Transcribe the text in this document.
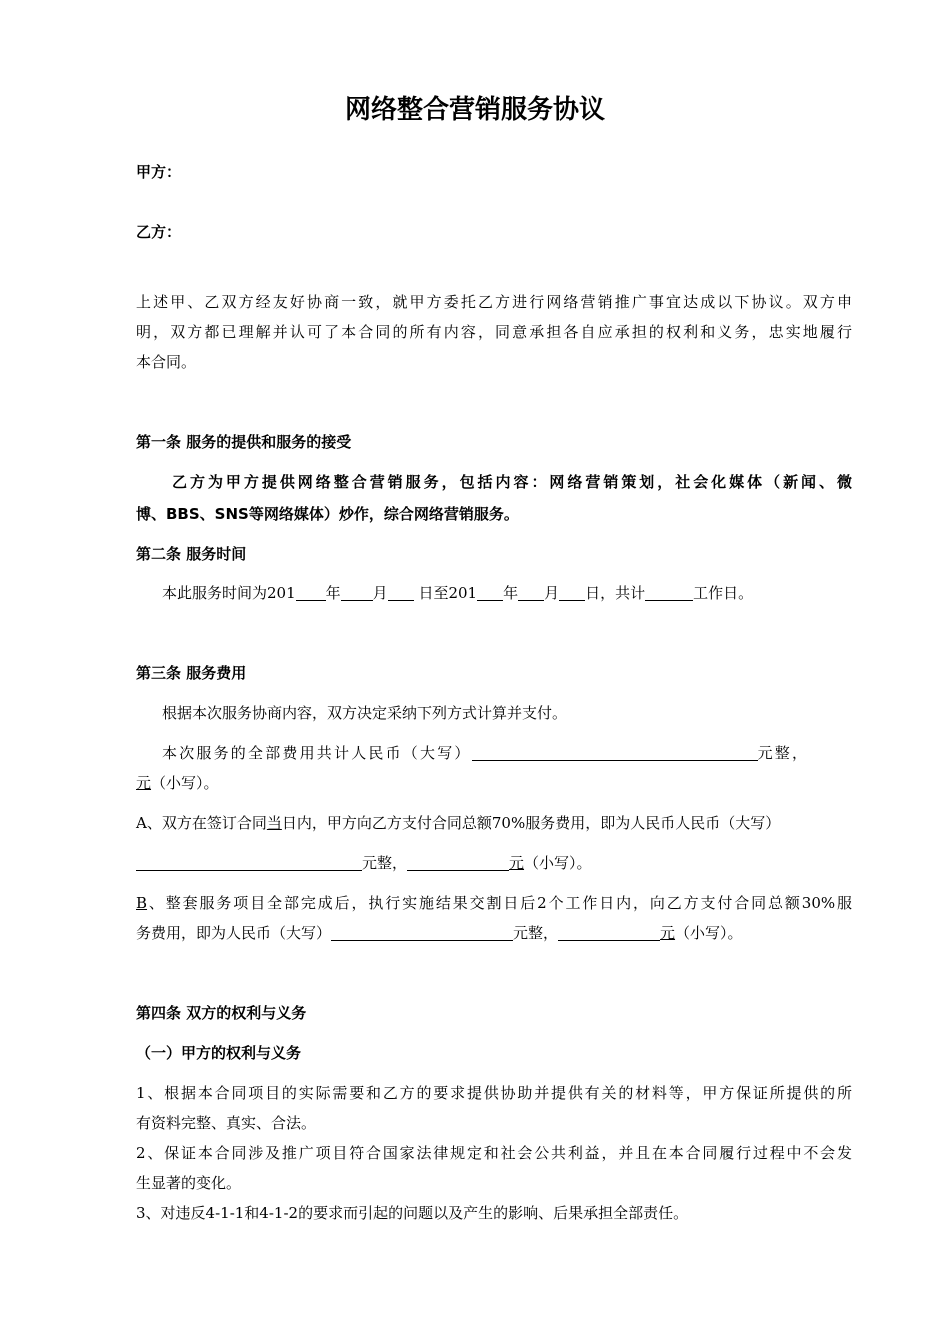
网络整合营销服务协议
甲方：
乙方：
上述甲、乙双方经友好协商一致，就甲方委托乙方进行网络营销推广事宜达成以下协议。双方申
明，双方都已理解并认可了本合同的所有内容，同意承担各自应承担的权利和义务，忠实地履行
本合同。
第一条 服务的提供和服务的接受
乙方为甲方提供网络整合营销服务，包括内容：网络营销策划，社会化媒体（新闻、微
博、BBS、SNS等网络媒体）炒作，综合网络营销服务。
第二条 服务时间
本此服务时间为201 年 月 日至201 年 月 日，共计	工作日。
第三条 服务费用
根据本次服务协商内容，双方决定采纳下列方式计算并支付。
本次服务的全部费用共计人民币（大写）	元整，
元（小写）。
A、双方在签订合同当日内，甲方向乙方支付合同总额70%服务费用，即为人民币人民币（大写）
元整，	元（小写）。
B、整套服务项目全部完成后，执行实施结果交割日后2个工作日内，向乙方支付合同总额30%服
务费用，即为人民币（大写）	元整，	元（小写）。
第四条 双方的权利与义务
（一）甲方的权利与义务
1、根据本合同项目的实际需要和乙方的要求提供协助并提供有关的材料等，甲方保证所提供的所
有资料完整、真实、合法。
2、保证本合同涉及推广项目符合国家法律规定和社会公共利益，并且在本合同履行过程中不会发
生显著的变化。
3、对违反4-1-1和4-1-2的要求而引起的问题以及产生的影响、后果承担全部责任。
